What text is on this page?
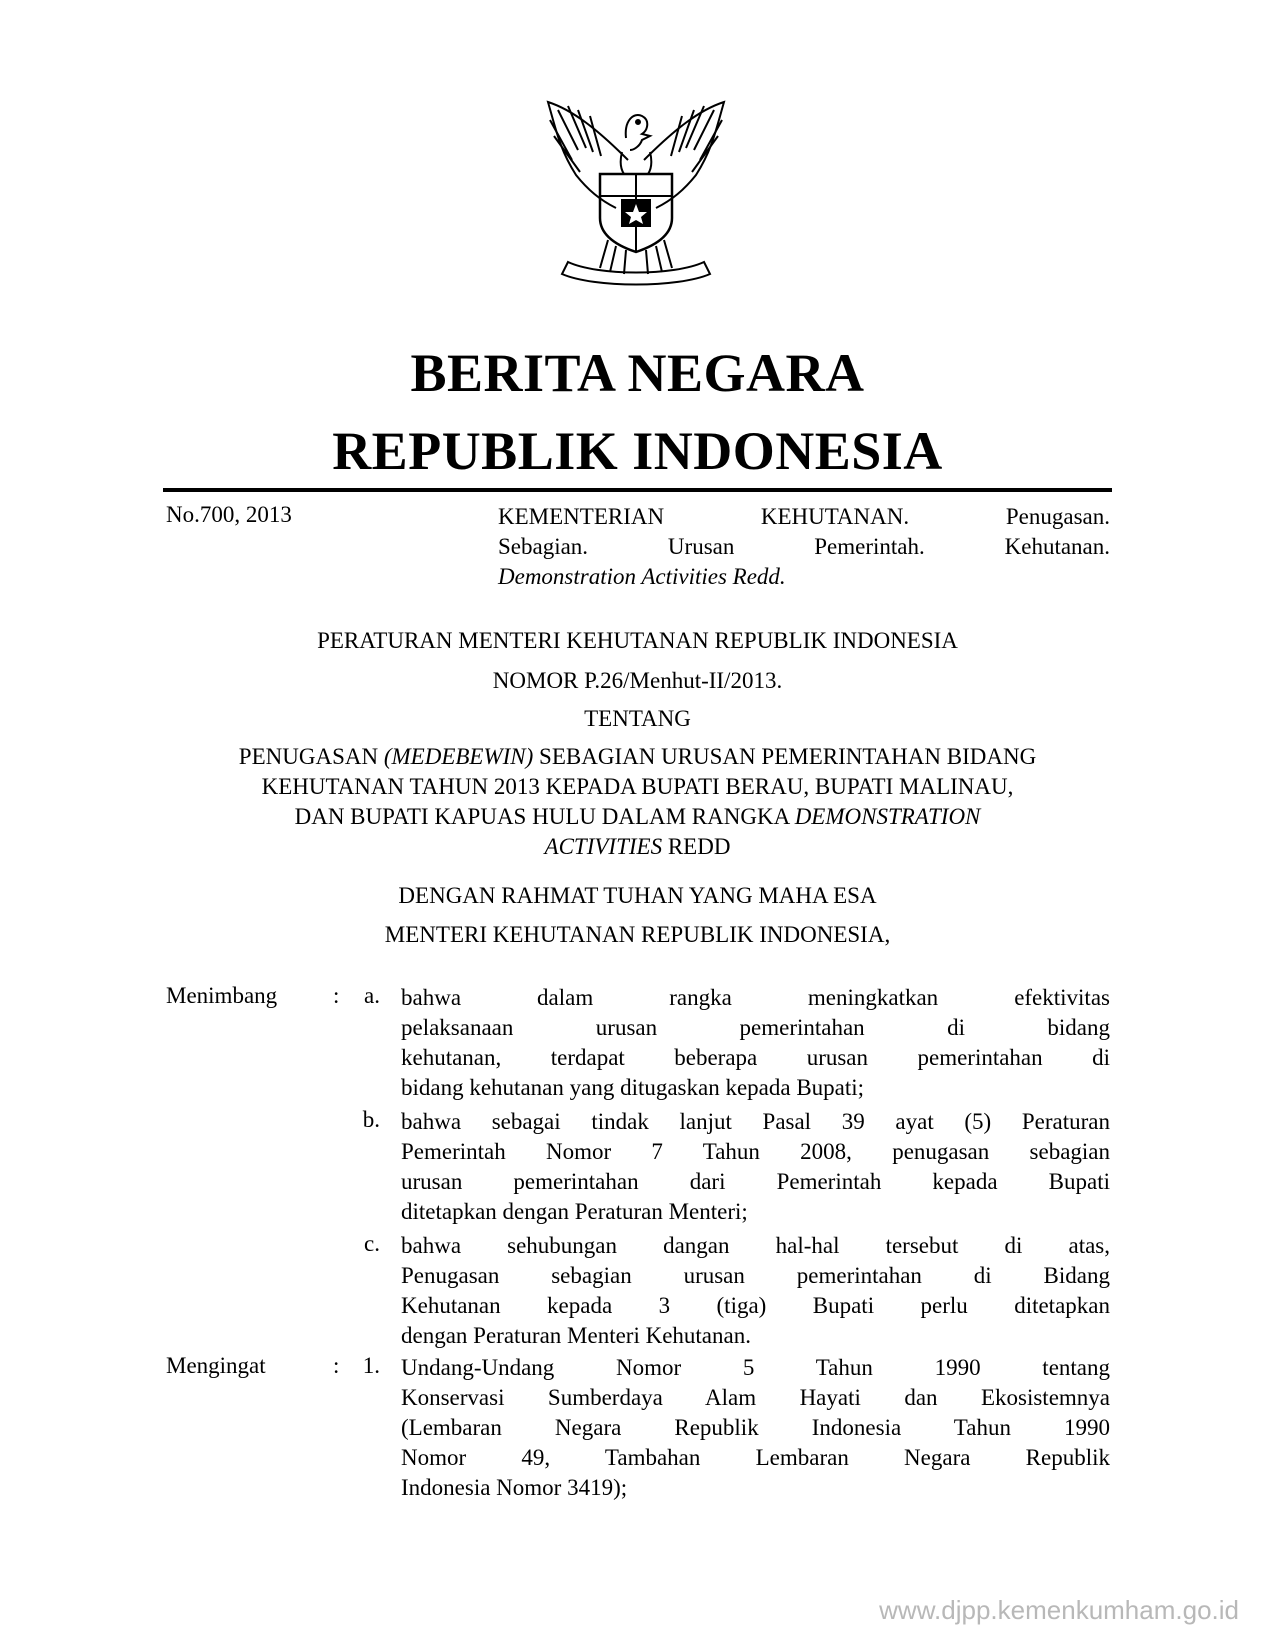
BERITA NEGARA
REPUBLIK INDONESIA
No.700, 2013	KEMENTERIAN KEHUTANAN. Penugasan.
Sebagian. Urusan Pemerintah. Kehutanan.
Demonstration Activities Redd.
PERATURAN MENTERI KEHUTANAN REPUBLIK INDONESIA
NOMOR P.26/Menhut-II/2013.
TENTANG
PENUGASAN (MEDEBEWIN) SEBAGIAN URUSAN PEMERINTAHAN BIDANG
KEHUTANAN TAHUN 2013 KEPADA BUPATI BERAU, BUPATI MALINAU,
DAN BUPATI KAPUAS HULU DALAM RANGKA DEMONSTRATION
ACTIVITIES REDD
DENGAN RAHMAT TUHAN YANG MAHA ESA
MENTERI KEHUTANAN REPUBLIK INDONESIA,
Menimbang :	a. bahwa dalam rangka meningkatkan efektivitas
pelaksanaan urusan pemerintahan di bidang
kehutanan, terdapat beberapa urusan pemerintahan di
bidang kehutanan yang ditugaskan kepada Bupati;
b. bahwa sebagai tindak lanjut Pasal 39 ayat (5) Peraturan
Pemerintah Nomor 7 Tahun 2008, penugasan sebagian
urusan pemerintahan dari Pemerintah kepada Bupati
ditetapkan dengan Peraturan Menteri;
c. bahwa sehubungan dangan hal-hal tersebut di atas,
Penugasan sebagian urusan pemerintahan di Bidang
Kehutanan kepada 3 (tiga) Bupati perlu ditetapkan
dengan Peraturan Menteri Kehutanan.
Mengingat	:	1. Undang-Undang Nomor 5 Tahun 1990 tentang
Konservasi Sumberdaya Alam Hayati dan Ekosistemnya
(Lembaran Negara Republik Indonesia Tahun 1990
Nomor 49, Tambahan Lembaran Negara Republik
Indonesia Nomor 3419);
www.djpp.kemenkumham.go.id
